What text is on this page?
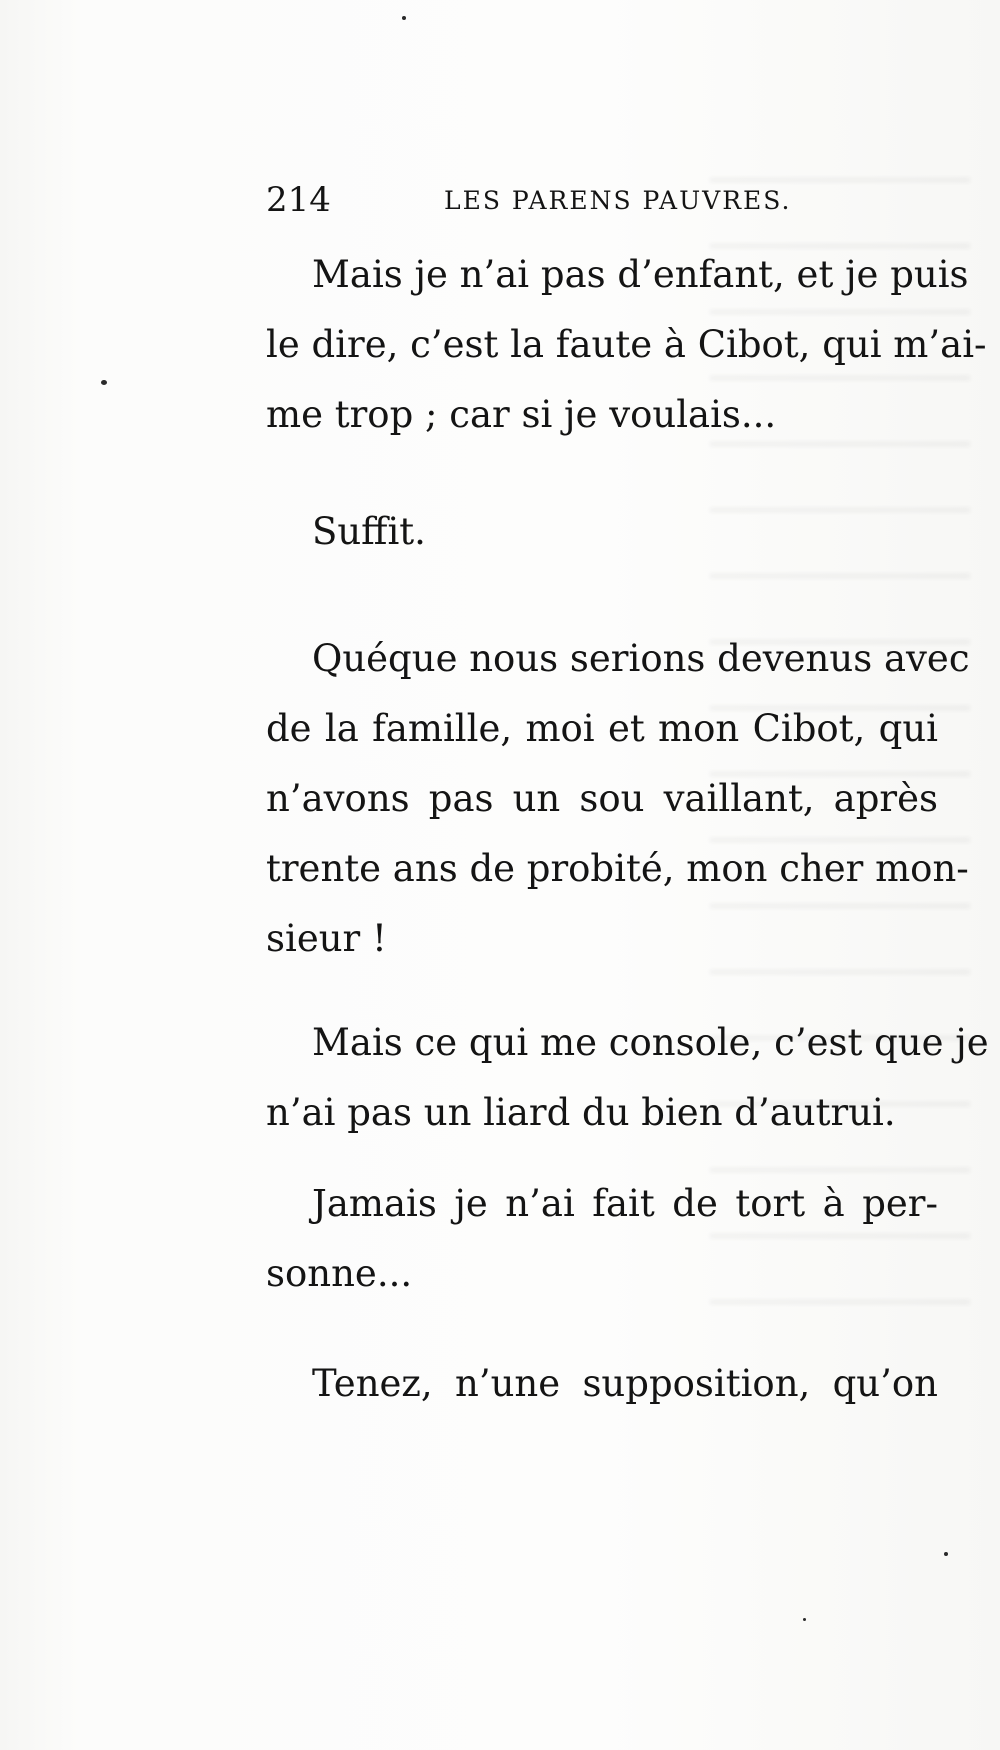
214	LES PARENS PAUVRES.
Mais je n’ai pas d’enfant, et je puis
le dire, c’est la faute à Cibot, qui m’ai-
me trop ; car si je voulais...
Suffit.
Quéque nous serions devenus avec
de la famille, moi et mon Cibot, qui
n’avons pas un sou vaillant, après
trente ans de probité, mon cher mon-
sieur !
Mais ce qui me console, c’est que je
n’ai pas un liard du bien d’autrui.
Jamais je n’ai fait de tort à per-
sonne...
Tenez, n’une supposition, qu’on
